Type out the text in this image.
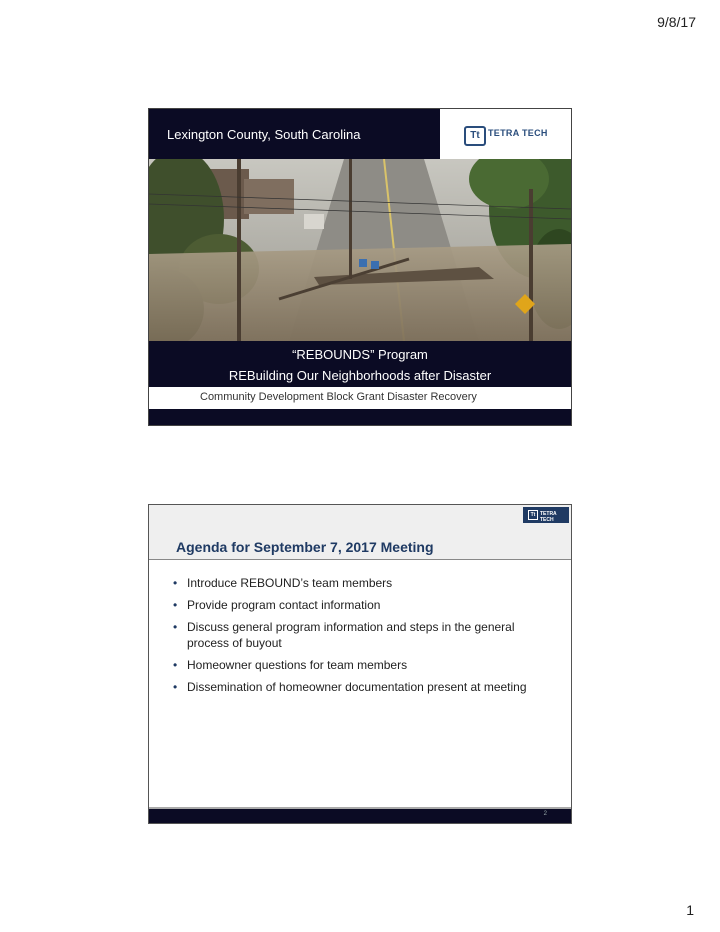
9/8/17
Lexington County, South Carolina	Tt TETRA TECH
“REBOUNDS” Program
REBuilding Our Neighborhoods after Disaster
Community Development Block Grant Disaster Recovery
Tt TETRA TECH
Agenda for September 7, 2017 Meeting
• Introduce REBOUND’s team members
• Provide program contact information
• Discuss general program information and steps in the general process of buyout
• Homeowner questions for team members
• Dissemination of homeowner documentation present at meeting
2
1
